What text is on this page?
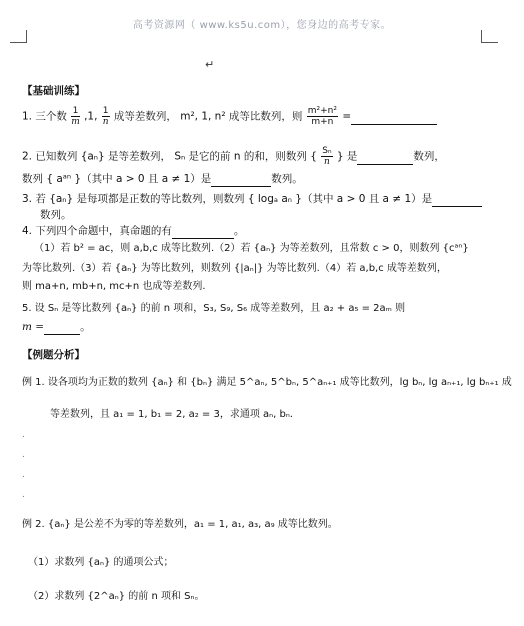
高考资源网（ www.ks5u.com），您身边的高考专家。
↵
【基础训练】
1. 三个数 $\frac{1}{m} ,1$, $\frac{1}{n}$ 成等差数列， m², 1, n² 成等比数列，则 $\frac{\text{m²+n²}}{m+n}$ =
2. 已知数列 {aₙ} 是等差数列， Sₙ 是它的前 n 的和，则数列 { $\frac{\text{Sₙ}}{n}$ } 是	数列，
数列 { aᵃⁿ }（其中 a > 0 且 a ≠ 1）是	数列。
3. 若 {aₙ} 是每项都是正数的等比数列，则数列 { logₐ aₙ }（其中 a > 0 且 a ≠ 1）是
数列。
4. 下列四个命题中，真命题的有	。
（1）若 b² = ac，则 a,b,c 成等比数列.（2）若 {aₙ} 为等差数列，且常数 c > 0，则数列 {cᵃⁿ}
为等比数列.（3）若 {aₙ} 为等比数列，则数列 {|aₙ|} 为等比数列.（4）若 a,b,c 成等差数列，
则 ma+n, mb+n, mc+n 也成等差数列.
5. 设 Sₙ 是等比数列 {aₙ} 的前 n 项和，S₃, S₉, S₆ 成等差数列，且 a₂ + a₅ = 2aₘ 则
m =	。
【例题分析】
例 1. 设各项均为正数的数列 {aₙ} 和 {bₙ} 满足 5^aₙ, 5^bₙ, 5^aₙ₊₁ 成等比数列，lg bₙ, lg aₙ₊₁, lg bₙ₊₁ 成
等差数列，且 a₁ = 1, b₁ = 2, a₂ = 3，求通项 aₙ, bₙ.
.
.
.
.
例 2. {aₙ} 是公差不为零的等差数列，a₁ = 1, a₁, a₃, a₉ 成等比数列。
（1）求数列 {aₙ} 的通项公式；
（2）求数列 {2^aₙ} 的前 n 项和 Sₙ。
